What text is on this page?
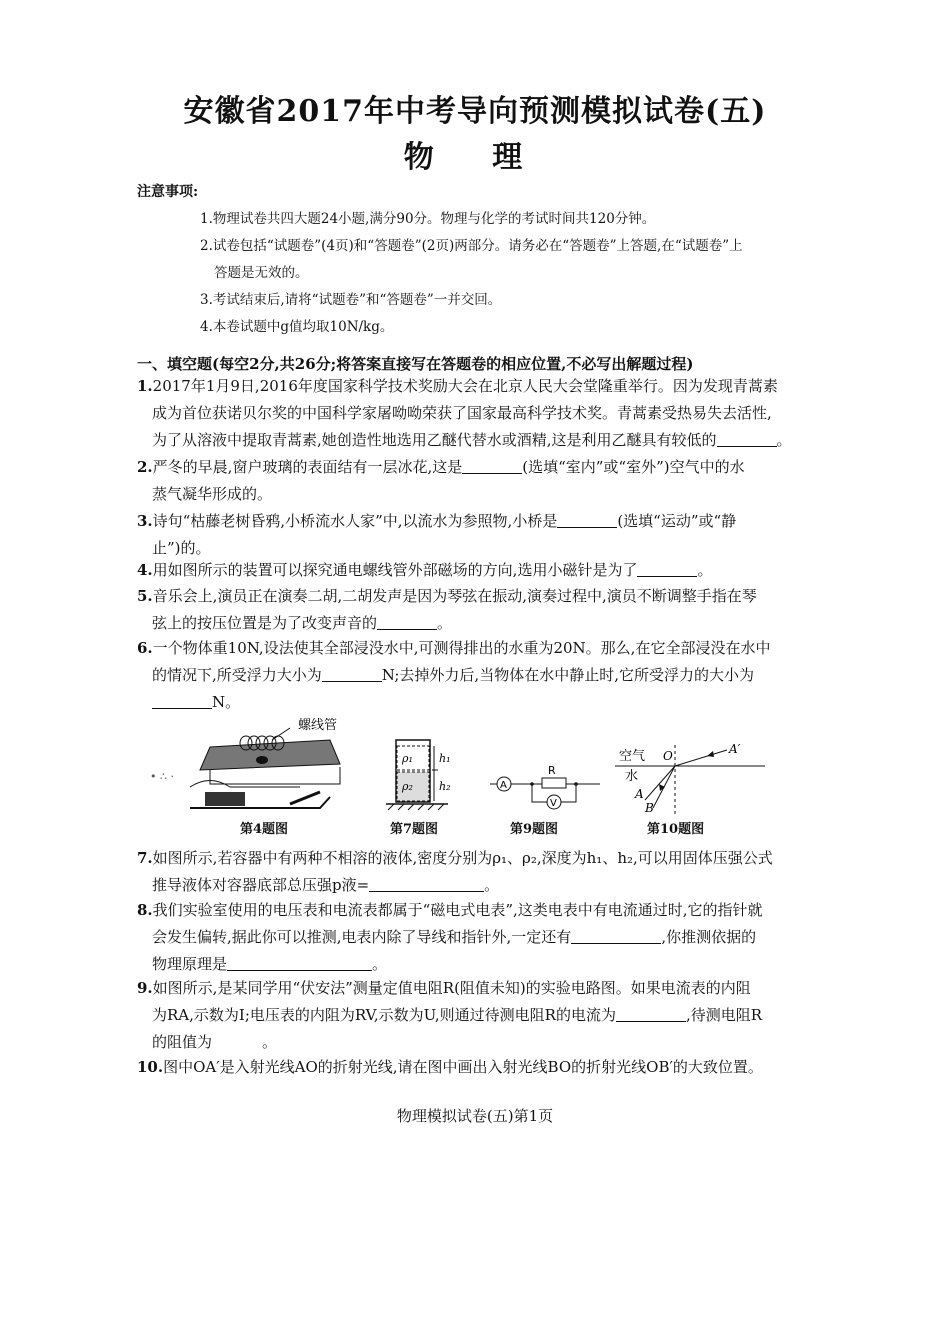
安徽省2017年中考导向预测模拟试卷(五)
物 理
注意事项:
1.物理试卷共四大题24小题,满分90分。物理与化学的考试时间共120分钟。
2.试卷包括“试题卷”(4页)和“答题卷”(2页)两部分。请务必在“答题卷”上答题,在“试题卷”上
答题是无效的。
3.考试结束后,请将“试题卷”和“答题卷”一并交回。
4.本卷试题中g值均取10N/kg。
一、填空题(每空2分,共26分;将答案直接写在答题卷的相应位置,不必写出解题过程)
1.2017年1月9日,2016年度国家科学技术奖励大会在北京人民大会堂隆重举行。因为发现青蒿素
成为首位获诺贝尔奖的中国科学家屠呦呦荣获了国家最高科学技术奖。青蒿素受热易失去活性,
为了从溶液中提取青蒿素,她创造性地选用乙醚代替水或酒精,这是利用乙醚具有较低的	。
2.严冬的早晨,窗户玻璃的表面结有一层冰花,这是	(选填“室内”或“室外”)空气中的水
蒸气凝华形成的。
3.诗句“枯藤老树昏鸦,小桥流水人家”中,以流水为参照物,小桥是	(选填“运动”或“静
止”)的。
4.用如图所示的装置可以探究通电螺线管外部磁场的方向,选用小磁针是为了	。
5.音乐会上,演员正在演奏二胡,二胡发声是因为琴弦在振动,演奏过程中,演员不断调整手指在琴
弦上的按压位置是为了改变声音的	。
6.一个物体重10N,设法使其全部浸没水中,可测得排出的水重为20N。那么,在它全部浸没在水中
的情况下,所受浮力大小为	N;去掉外力后,当物体在水中静止时,它所受浮力的大小为
N。
螺线管
• ∴ ·
第4题图
ρ₁
ρ₂
h₁
h₂
第7题图
A
R
V
第9题图
空气
水
O	A′
A
B
第10题图
7.如图所示,若容器中有两种不相溶的液体,密度分别为ρ₁、ρ₂,深度为h₁、h₂,可以用固体压强公式
推导液体对容器底部总压强p液=	。
8.我们实验室使用的电压表和电流表都属于“磁电式电表”,这类电表中有电流通过时,它的指针就
会发生偏转,据此你可以推测,电表内除了导线和指针外,一定还有	,你推测依据的
物理原理是	。
9.如图所示,是某同学用“伏安法”测量定值电阻R(阻值未知)的实验电路图。如果电流表的内阻
为RA,示数为I;电压表的内阻为RV,示数为U,则通过待测电阻R的电流为	,待测电阻R
的阻值为	。
10.图中OA′是入射光线AO的折射光线,请在图中画出入射光线BO的折射光线OB′的大致位置。
物理模拟试卷(五)第1页
